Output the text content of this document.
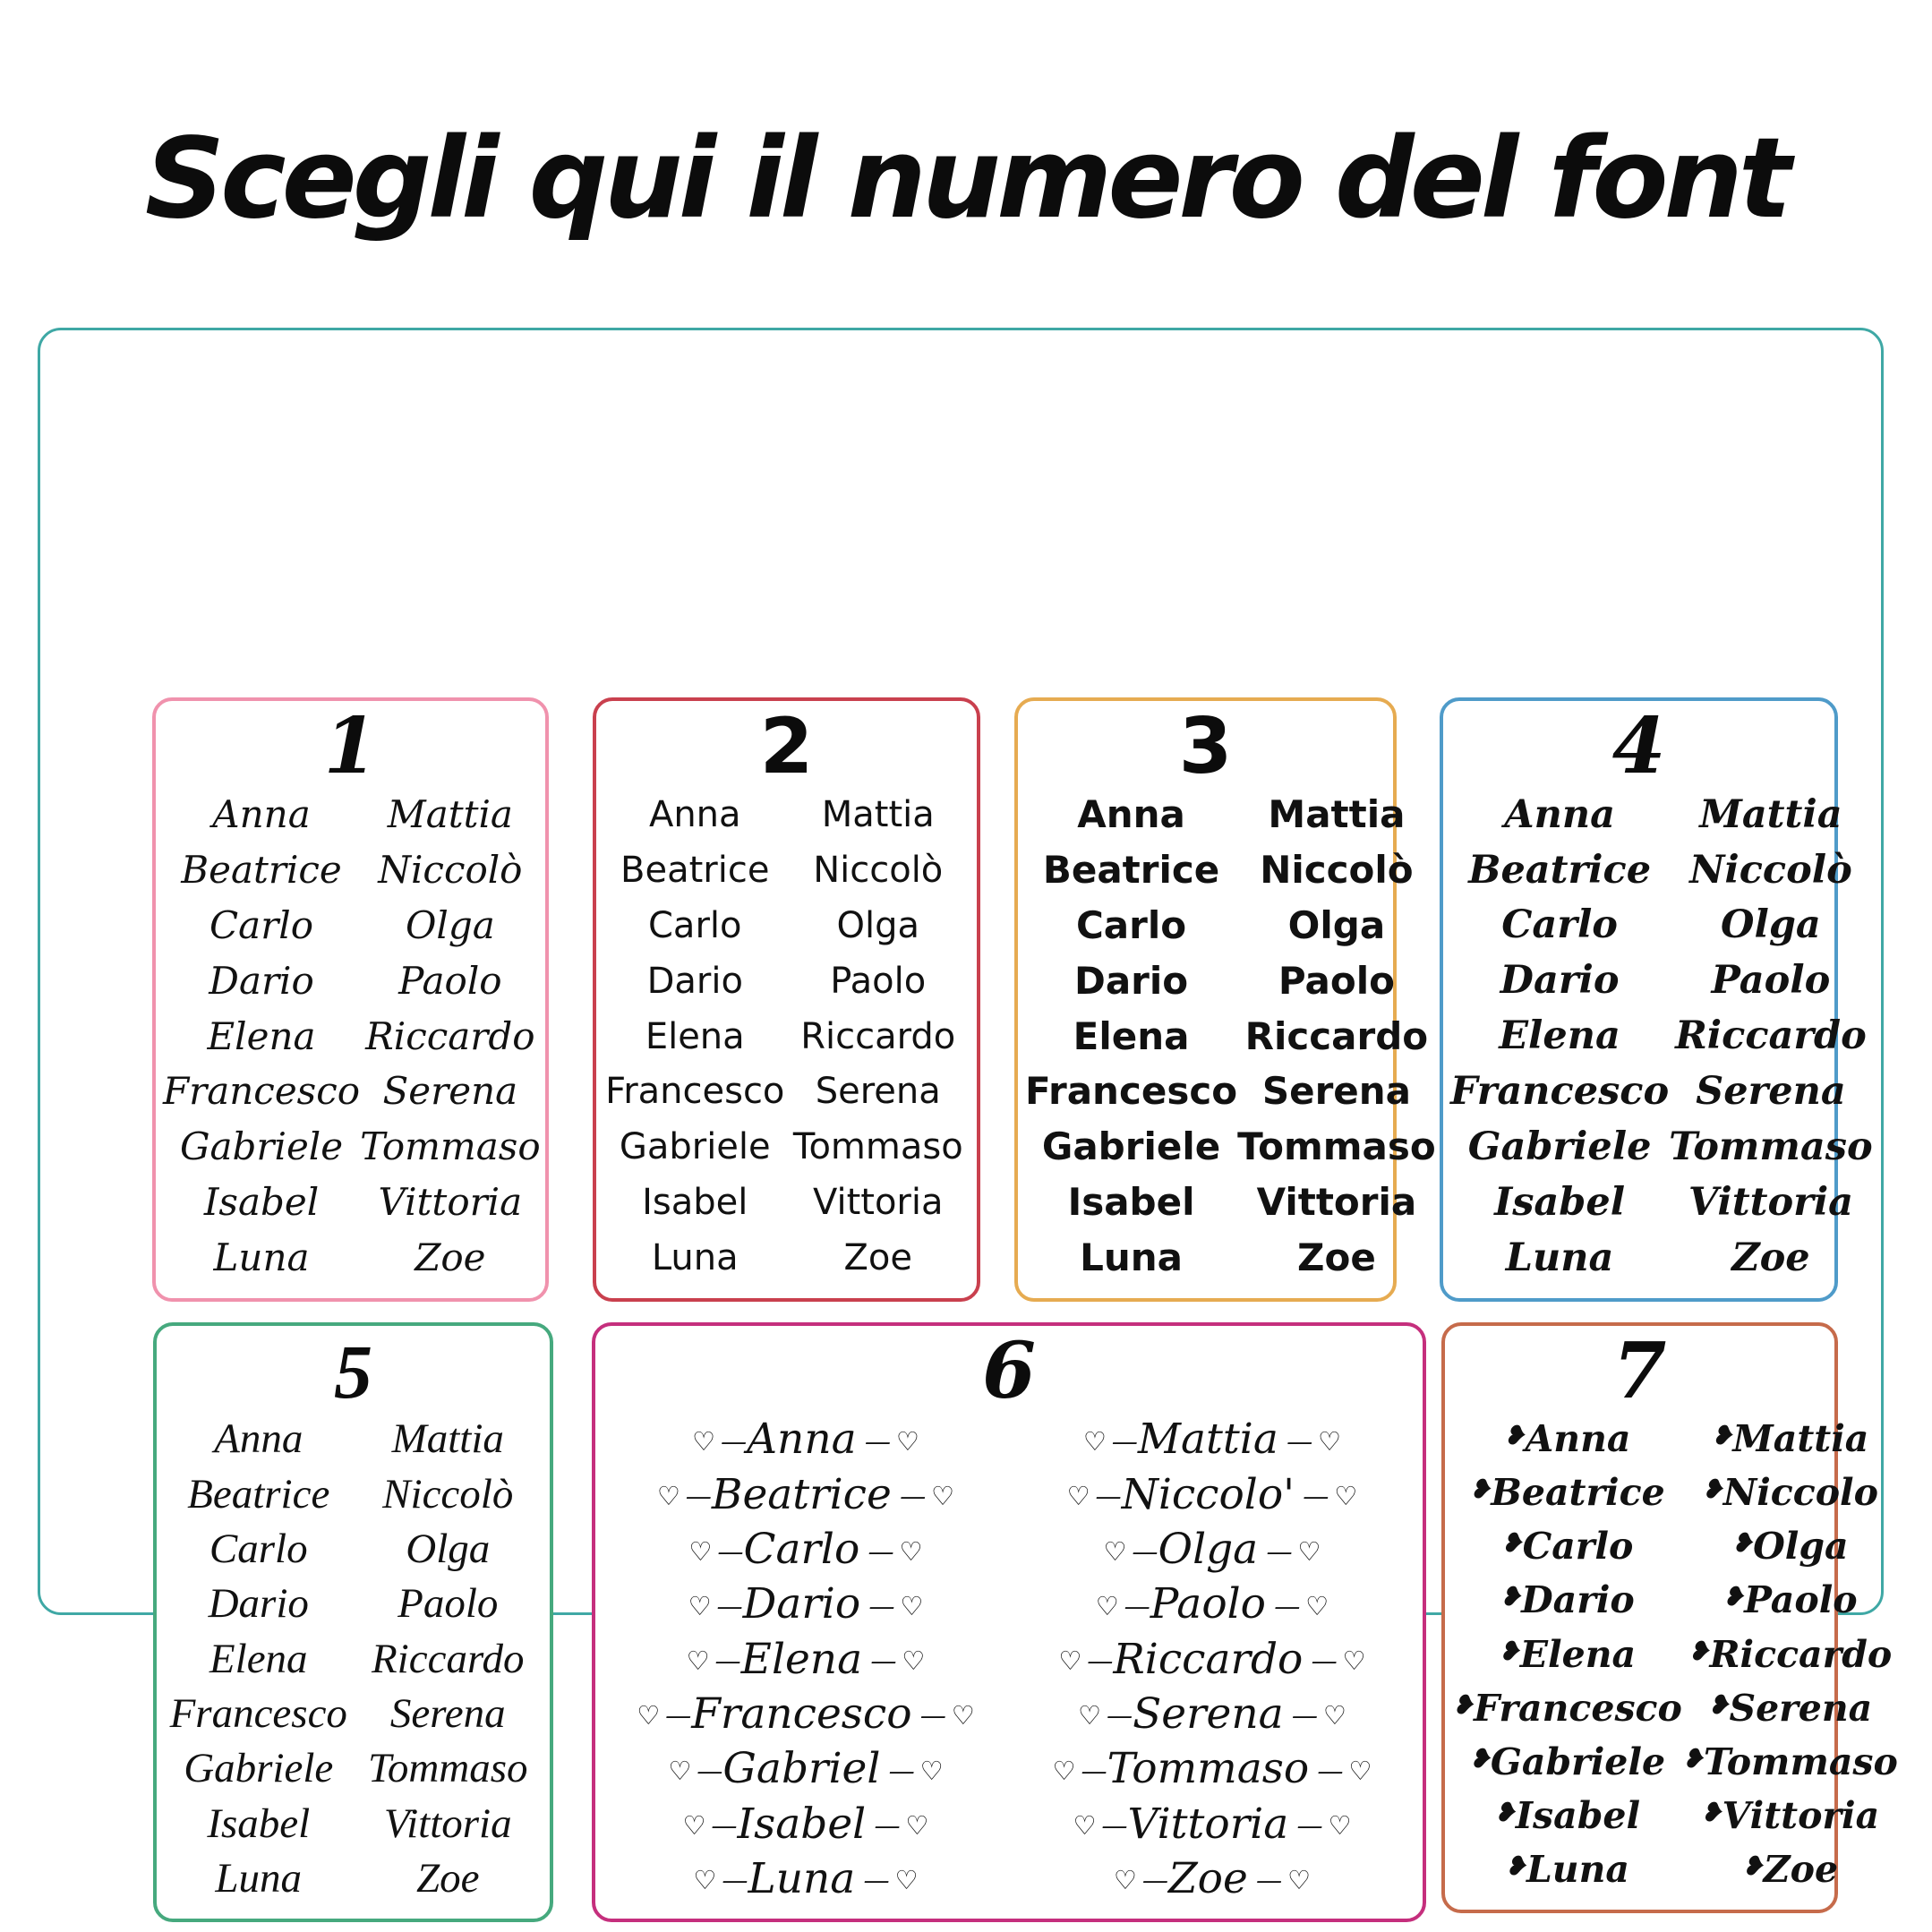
Scegli qui il numero del font
1
Anna
Beatrice
Carlo
Dario
Elena
Francesco
Gabriele
Isabel
Luna
Mattia
Niccolò
Olga
Paolo
Riccardo
Serena
Tommaso
Vittoria
Zoe
2
Anna
Beatrice
Carlo
Dario
Elena
Francesco
Gabriele
Isabel
Luna
Mattia
Niccolò
Olga
Paolo
Riccardo
Serena
Tommaso
Vittoria
Zoe
3
Anna
Beatrice
Carlo
Dario
Elena
Francesco
Gabriele
Isabel
Luna
Mattia
Niccolò
Olga
Paolo
Riccardo
Serena
Tommaso
Vittoria
Zoe
4
Anna
Beatrice
Carlo
Dario
Elena
Francesco
Gabriele
Isabel
Luna
Mattia
Niccolò
Olga
Paolo
Riccardo
Serena
Tommaso
Vittoria
Zoe
5
Anna
Beatrice
Carlo
Dario
Elena
Francesco
Gabriele
Isabel
Luna
Mattia
Niccolò
Olga
Paolo
Riccardo
Serena
Tommaso
Vittoria
Zoe
6
♡ — Anna — ♡
♡ — Beatrice — ♡
♡ — Carlo — ♡
♡ — Dario — ♡
♡ — Elena — ♡
♡ — Francesco — ♡
♡ — Gabriel — ♡
♡ — Isabel — ♡
♡ — Luna — ♡
♡ — Mattia — ♡
♡ — Niccolo' — ♡
♡ — Olga — ♡
♡ — Paolo — ♡
♡ — Riccardo — ♡
♡ — Serena — ♡
♡ — Tommaso — ♡
♡ — Vittoria — ♡
♡ — Zoe — ♡
7
❥ Anna
❥ Beatrice
❥ Carlo
❥ Dario
❥ Elena
❥ Francesco
❥ Gabriele
❥ Isabel
❥ Luna
❥ Mattia
❥ Niccolo
❥ Olga
❥ Paolo
❥ Riccardo
❥ Serena
❥ Tommaso
❥ Vittoria
❥ Zoe
